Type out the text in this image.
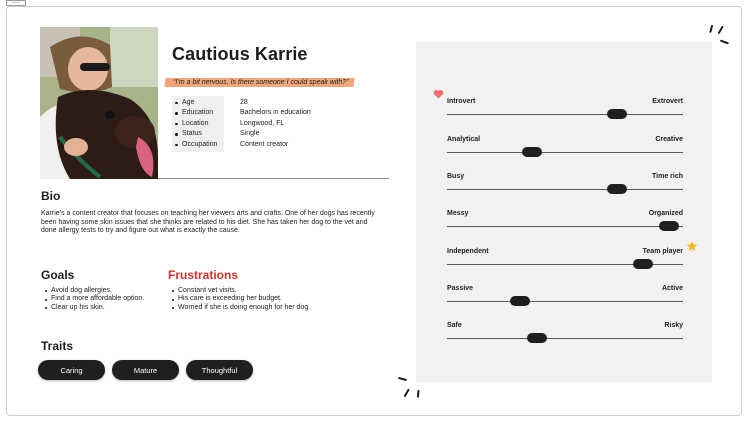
▭▭▭▭
Cautious Karrie
“I’m a bit nervous, Is there someone I could speak with?”
Age	28
Education	Bachelors in education
Location	Longwood, FL
Status	Single
Occupation	Content creator
Bio
Karrie’s a content creator that focuses on teaching her viewers arts and crafts. One of her dogs has recently been having some skin issues that she thinks are related to his diet. She has taken her dog to the vet and done allergy tests to try and figure out what is exactly the cause.
Goals
Avoid dog allergies.
Find a more affordable option.
Clear up his skin.
Frustrations
Constant vet visits.
His care is exceeding her budget.
Worried if she is doing enough for her dog.
Traits
Caring	Mature	Thoughtful
Introvert	Extrovert
Analytical	Creative
Busy	Time rich
Messy	Organized
Independent	Team player
Passive	Active
Safe	Risky
